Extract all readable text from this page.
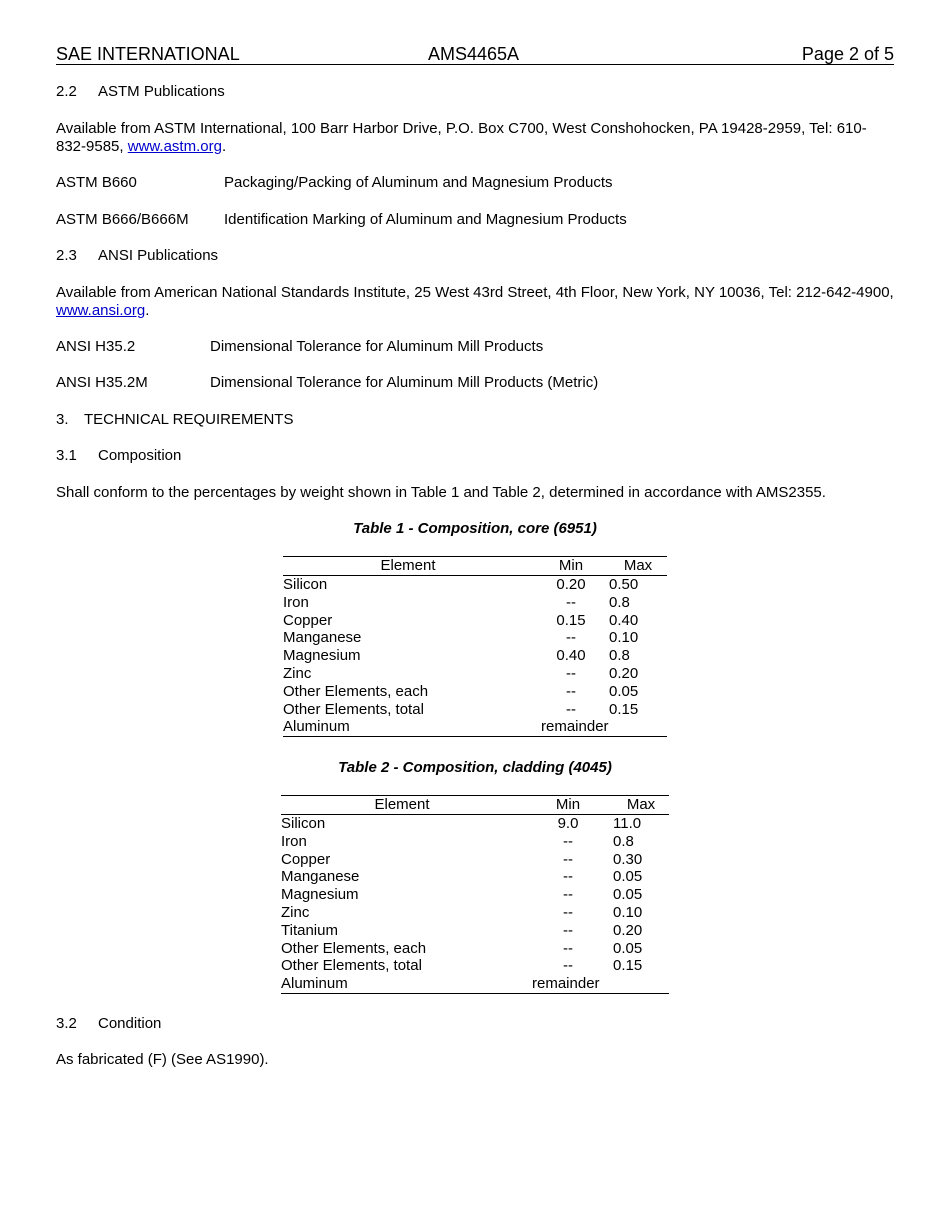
SAE INTERNATIONAL	AMS4465A	Page 2 of 5
2.2 ASTM Publications
Available from ASTM International, 100 Barr Harbor Drive, P.O. Box C700, West Conshohocken, PA 19428-2959, Tel: 610-832-9585, www.astm.org.
ASTM B660	Packaging/Packing of Aluminum and Magnesium Products
ASTM B666/B666M Identification Marking of Aluminum and Magnesium Products
2.3 ANSI Publications
Available from American National Standards Institute, 25 West 43rd Street, 4th Floor, New York, NY 10036, Tel: 212-642-4900, www.ansi.org.
ANSI H35.2	Dimensional Tolerance for Aluminum Mill Products
ANSI H35.2M	Dimensional Tolerance for Aluminum Mill Products (Metric)
3. TECHNICAL REQUIREMENTS
3.1 Composition
Shall conform to the percentages by weight shown in Table 1 and Table 2, determined in accordance with AMS2355.
Table 1 - Composition, core (6951)
Element	Min	Max
Silicon	0.20	0.50
Iron	--	0.8
Copper	0.15	0.40
Manganese	--	0.10
Magnesium	0.40	0.8
Zinc	--	0.20
Other Elements, each	--	0.05
Other Elements, total	--	0.15
Aluminum	remainder	
Table 2 - Composition, cladding (4045)
Element	Min	Max
Silicon	9.0	11.0
Iron	--	0.8
Copper	--	0.30
Manganese	--	0.05
Magnesium	--	0.05
Zinc	--	0.10
Titanium	--	0.20
Other Elements, each	--	0.05
Other Elements, total	--	0.15
Aluminum	remainder	
3.2 Condition
As fabricated (F) (See AS1990).
